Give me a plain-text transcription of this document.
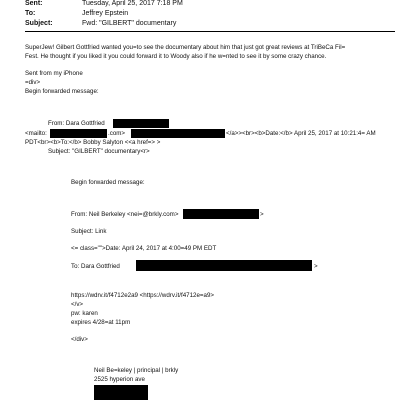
Sent:	Tuesday, April 25, 2017 7:18 PM
To:	Jeffrey Epstein
Subject:	Fwd: "GILBERT" documentary
SuperJew! Gilbert Gottfried wanted you=to see the documentary about him that just got great reviews at TriBeCa Fil=
Fest. He thought if you liked it you could forward it to Woody also if he w=nted to see it by some crazy chance.
Sent from my iPhone
=div>
Begin forwarded message:
From: Dara Gottfried
<mailto:	.com>	</a>><br><b>Date:</b> April 25, 2017 at 10:21:4= AM
PDT<br><b>To:</b> Bobby Salyton <<a href=> >
Subject: "GILBERT" documentary<r>
Begin forwarded message:
From: Neil Berkeley <nei=@brkly.com>	>
Subject: Link
<= class="">Date: April 24, 2017 at 4:00=49 PM EDT
To: Dara Gottfried	>
https://wdrv.it/f4712e2a9 <https://wdrv.it/f4712e=a9>
</v>
pw: karen
expires 4/28=at 11pm
</div>
Neil Be=keley | principal | brkly
2525 hyperion ave
